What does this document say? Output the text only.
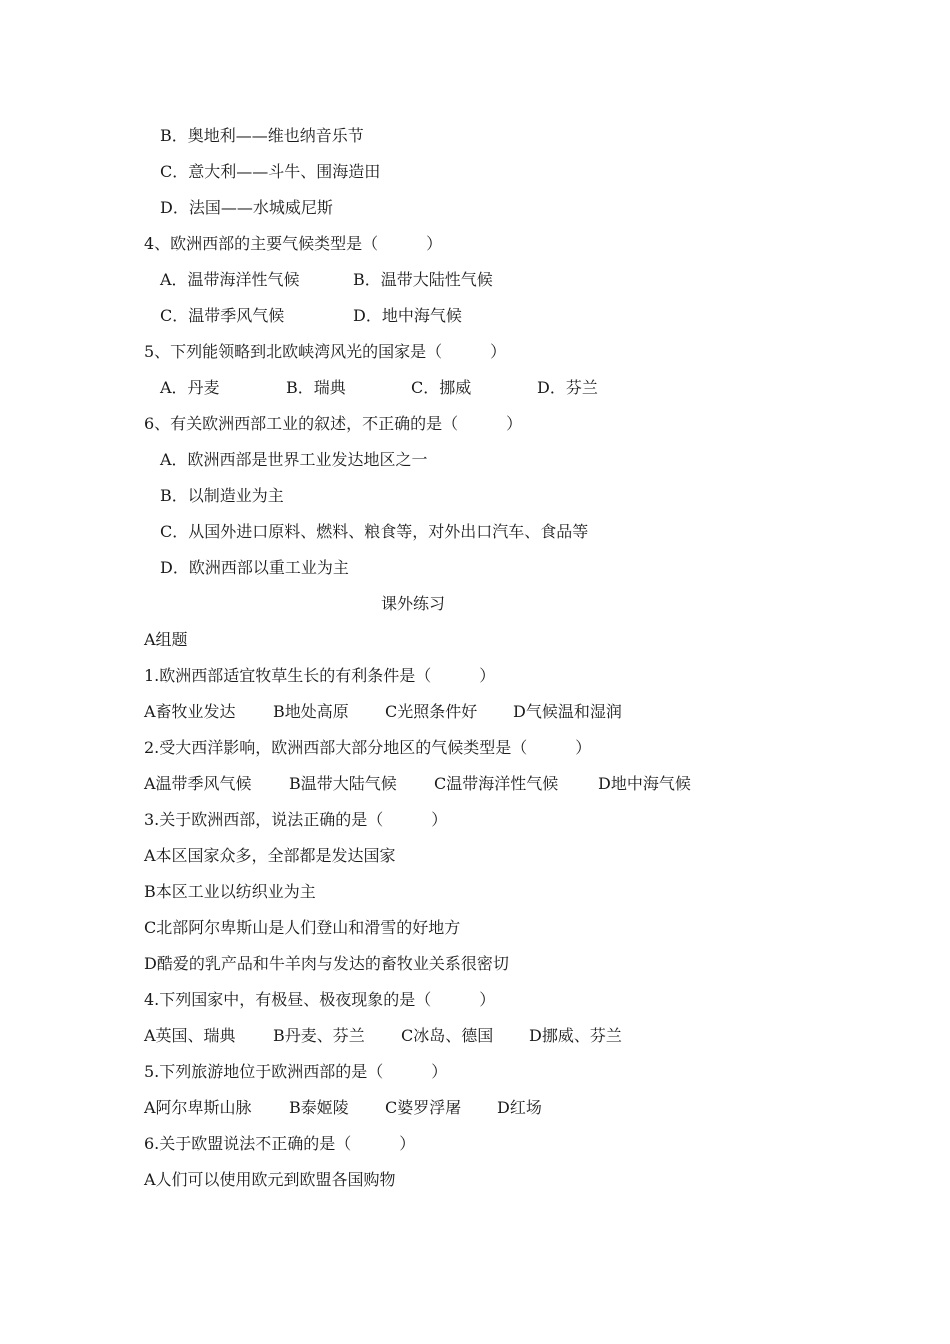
B．奥地利——维也纳音乐节
C．意大利——斗牛、围海造田
D．法国——水城威尼斯
4、欧洲西部的主要气候类型是（　　　）
A．温带海洋性气候	B．温带大陆性气候
C．温带季风气候	D．地中海气候
5、下列能领略到北欧峡湾风光的国家是（　　　）
A．丹麦	B．瑞典	C．挪威	D．芬兰
6、有关欧洲西部工业的叙述，不正确的是（　　　）
A．欧洲西部是世界工业发达地区之一
B．以制造业为主
C．从国外进口原料、燃料、粮食等，对外出口汽车、食品等
D．欧洲西部以重工业为主
课外练习
A组题
1.欧洲西部适宜牧草生长的有利条件是（　　　）
A畜牧业发达 B地处高原 C光照条件好 D气候温和湿润
2.受大西洋影响，欧洲西部大部分地区的气候类型是（　　　）
A温带季风气候 B温带大陆气候 C温带海洋性气候 D地中海气候
3.关于欧洲西部，说法正确的是（　　　）
A本区国家众多，全部都是发达国家
B本区工业以纺织业为主
C北部阿尔卑斯山是人们登山和滑雪的好地方
D酷爱的乳产品和牛羊肉与发达的畜牧业关系很密切
4.下列国家中，有极昼、极夜现象的是（　　　）
A英国、瑞典 B丹麦、芬兰 C冰岛、德国 D挪威、芬兰
5.下列旅游地位于欧洲西部的是（　　　）
A阿尔卑斯山脉 B泰姬陵 C婆罗浮屠 D红场
6.关于欧盟说法不正确的是（　　　）
A人们可以使用欧元到欧盟各国购物
